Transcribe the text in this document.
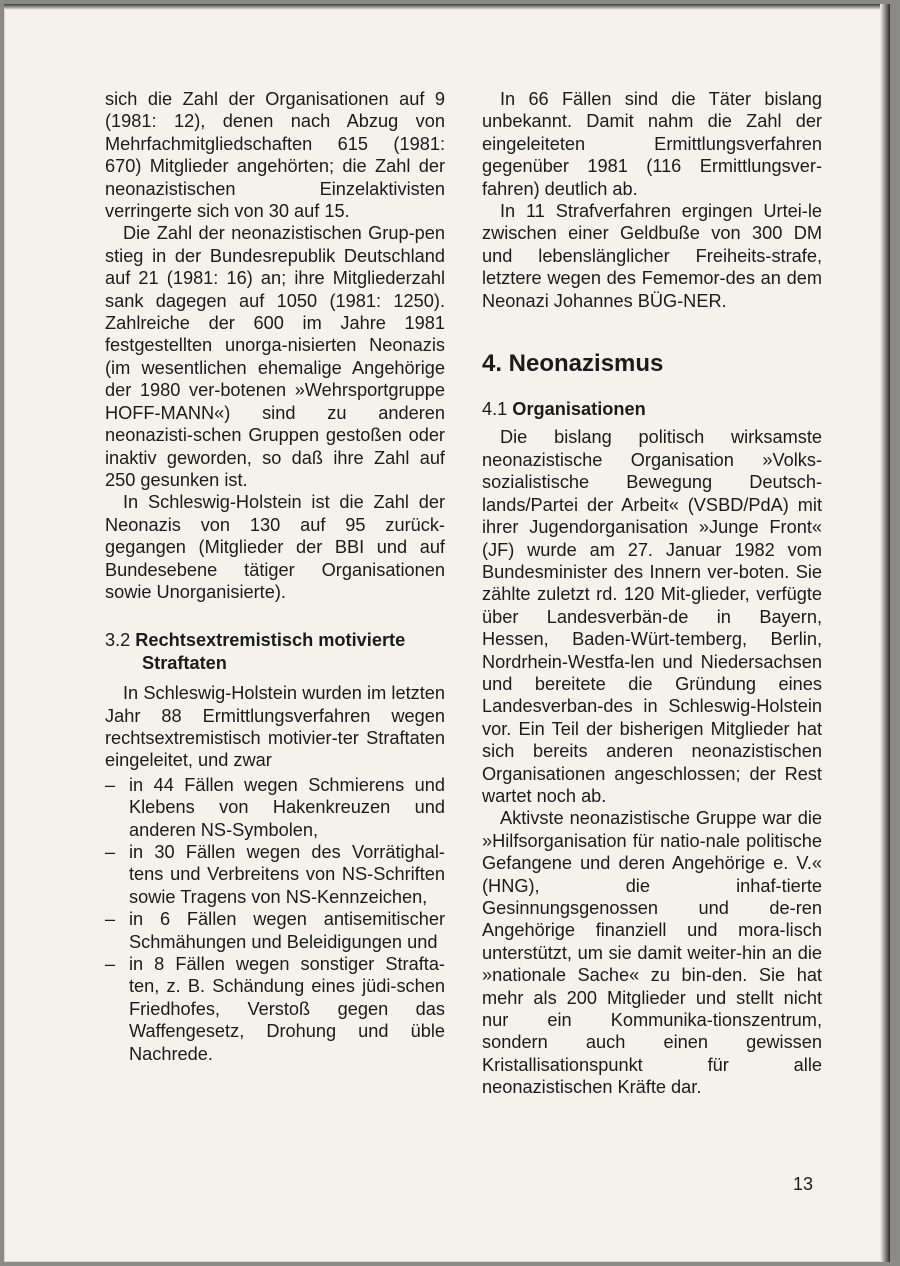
sich die Zahl der Organisationen auf 9 (1981: 12), denen nach Abzug von Mehrfachmitgliedschaften 615 (1981: 670) Mitglieder angehörten; die Zahl der neonazistischen Einzelaktivisten verringerte sich von 30 auf 15.

Die Zahl der neonazistischen Grup-pen stieg in der Bundesrepublik Deutschland auf 21 (1981: 16) an; ihre Mitgliederzahl sank dagegen auf 1050 (1981: 1250). Zahlreiche der 600 im Jahre 1981 festgestellten unorga-nisierten Neonazis (im wesentlichen ehemalige Angehörige der 1980 ver-botenen »Wehrsportgruppe HOFF-MANN«) sind zu anderen neonazisti-schen Gruppen gestoßen oder inaktiv geworden, so daß ihre Zahl auf 250 gesunken ist.

In Schleswig-Holstein ist die Zahl der Neonazis von 130 auf 95 zurück-gegangen (Mitglieder der BBI und auf Bundesebene tätiger Organisationen sowie Unorganisierte).

3.2 Rechtsextremistisch motivierte
Straftaten

In Schleswig-Holstein wurden im letzten Jahr 88 Ermittlungsverfahren wegen rechtsextremistisch motivier-ter Straftaten eingeleitet, und zwar

– in 44 Fällen wegen Schmierens und Klebens von Hakenkreuzen und anderen NS-Symbolen,
– in 30 Fällen wegen des Vorrätighal-tens und Verbreitens von NS-Schriften sowie Tragens von NS-Kennzeichen,
– in 6 Fällen wegen antisemitischer Schmähungen und Beleidigungen und
– in 8 Fällen wegen sonstiger Strafta-ten, z. B. Schändung eines jüdi-schen Friedhofes, Verstoß gegen das Waffengesetz, Drohung und üble Nachrede.

In 66 Fällen sind die Täter bislang unbekannt. Damit nahm die Zahl der eingeleiteten Ermittlungsverfahren gegenüber 1981 (116 Ermittlungsver-fahren) deutlich ab.

In 11 Strafverfahren ergingen Urtei-le zwischen einer Geldbuße von 300 DM und lebenslänglicher Freiheits-strafe, letztere wegen des Fememor-des an dem Neonazi Johannes BÜG-NER.

4. Neonazismus
4.1 Organisationen

Die bislang politisch wirksamste neonazistische Organisation »Volks-sozialistische Bewegung Deutsch-lands/Partei der Arbeit« (VSBD/PdA) mit ihrer Jugendorganisation »Junge Front« (JF) wurde am 27. Januar 1982 vom Bundesminister des Innern ver-boten. Sie zählte zuletzt rd. 120 Mit-glieder, verfügte über Landesverbän-de in Bayern, Hessen, Baden-Würt-temberg, Berlin, Nordrhein-Westfa-len und Niedersachsen und bereitete die Gründung eines Landesverban-des in Schleswig-Holstein vor. Ein Teil der bisherigen Mitglieder hat sich bereits anderen neonazistischen Organisationen angeschlossen; der Rest wartet noch ab.

Aktivste neonazistische Gruppe war die »Hilfsorganisation für natio-nale politische Gefangene und deren Angehörige e. V.« (HNG), die inhaf-tierte Gesinnungsgenossen und de-ren Angehörige finanziell und mora-lisch unterstützt, um sie damit weiter-hin an die »nationale Sache« zu bin-den. Sie hat mehr als 200 Mitglieder und stellt nicht nur ein Kommunika-tionszentrum, sondern auch einen gewissen Kristallisationspunkt für alle neonazistischen Kräfte dar.

13
